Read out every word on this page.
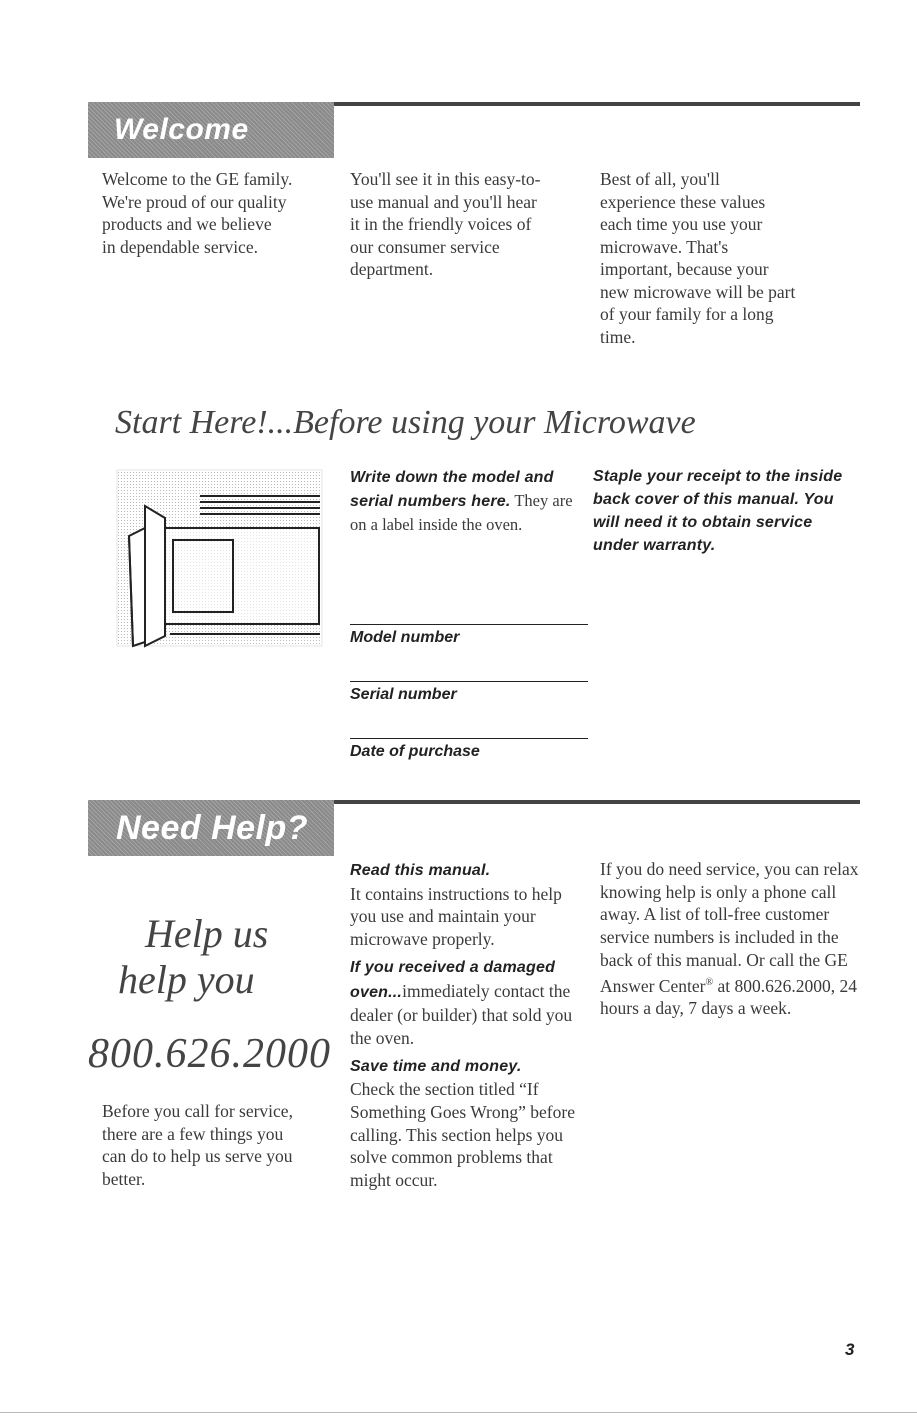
Welcome

Welcome to the GE family.
We're proud of our quality
products and we believe
in dependable service.

You'll see it in this easy-to-
use manual and you'll hear
it in the friendly voices of
our consumer service
department.

Best of all, you'll
experience these values
each time you use your
microwave. That's
important, because your
new microwave will be part
of your family for a long
time.

Start Here!...Before using your Microwave

Write down the model and serial numbers here. They are on a label inside the oven.

Staple your receipt to the inside back cover of this manual. You will need it to obtain service under warranty.

Model number
Serial number
Date of purchase
Need Help?
Help us
help you
800.626.2000

Before you call for service,
there are a few things you
can do to help us serve you
better.

Read this manual.

It contains instructions to help you use and maintain your microwave properly.

If you received a damaged oven...immediately contact the dealer (or builder) that sold you the oven.

Save time and money.

Check the section titled “If Something Goes Wrong” before calling. This section helps you solve common problems that might occur.

If you do need service, you can relax knowing help is only a phone call away. A list of toll-free customer service numbers is included in the back of this manual. Or call the GE Answer Center® at 800.626.2000, 24 hours a day, 7 days a week.

3
